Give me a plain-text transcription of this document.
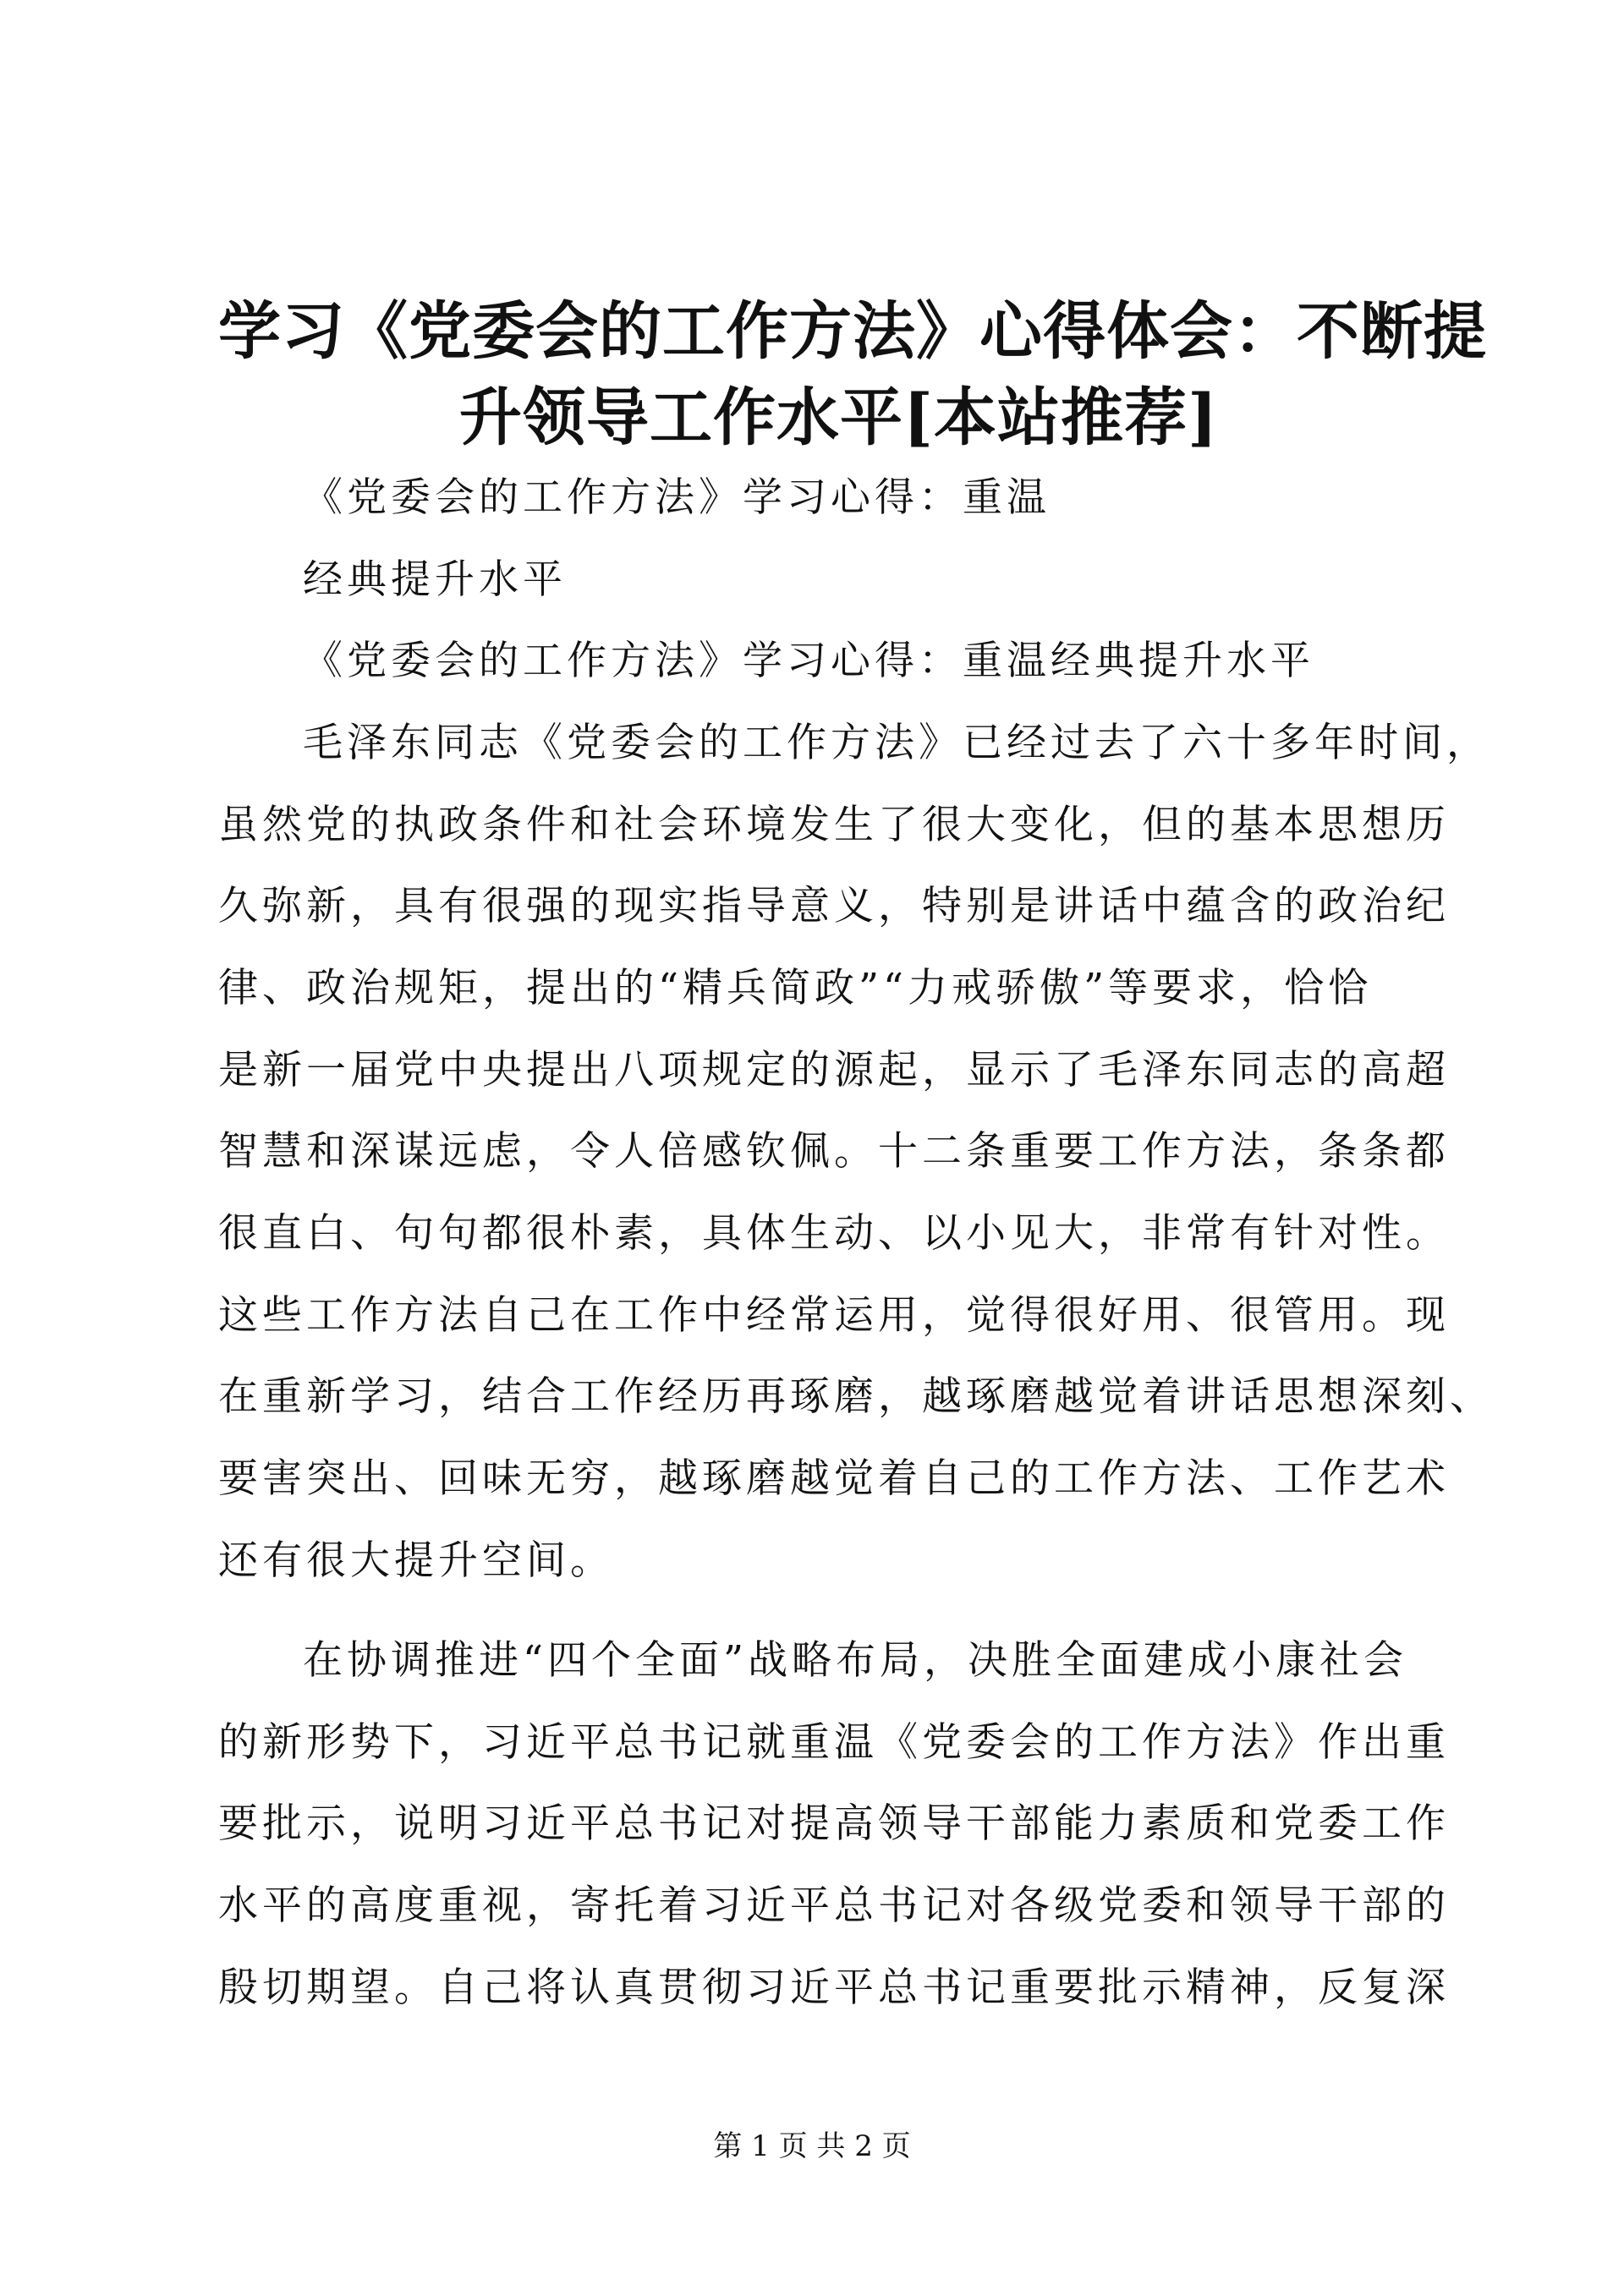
学习《党委会的工作方法》心得体会：不断提
升领导工作水平[本站推荐]
《党委会的工作方法》学习心得：重温
经典提升水平
《党委会的工作方法》学习心得：重温经典提升水平
毛泽东同志《党委会的工作方法》已经过去了六十多年时间，
虽然党的执政条件和社会环境发生了很大变化，但的基本思想历
久弥新，具有很强的现实指导意义，特别是讲话中蕴含的政治纪
律、政治规矩，提出的“精兵简政”“力戒骄傲”等要求，恰恰
是新一届党中央提出八项规定的源起，显示了毛泽东同志的高超
智慧和深谋远虑，令人倍感钦佩。十二条重要工作方法，条条都
很直白、句句都很朴素，具体生动、以小见大，非常有针对性。
这些工作方法自己在工作中经常运用，觉得很好用、很管用。现
在重新学习，结合工作经历再琢磨，越琢磨越觉着讲话思想深刻、
要害突出、回味无穷，越琢磨越觉着自己的工作方法、工作艺术
还有很大提升空间。
在协调推进“四个全面”战略布局，决胜全面建成小康社会
的新形势下，习近平总书记就重温《党委会的工作方法》作出重
要批示，说明习近平总书记对提高领导干部能力素质和党委工作
水平的高度重视，寄托着习近平总书记对各级党委和领导干部的
殷切期望。自己将认真贯彻习近平总书记重要批示精神，反复深
第 1 页 共 2 页
